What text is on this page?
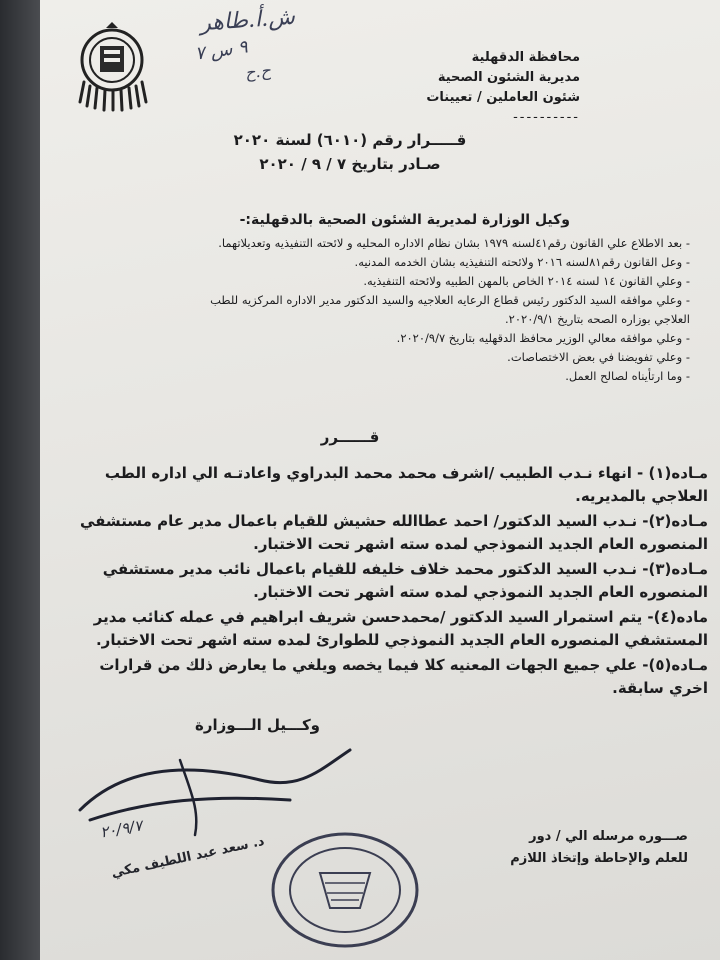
ش.أ.طاهر
٩ س ٧
ح.ح
محافظة الدقهلية
مديرية الشئون الصحية
شئون العاملين / تعيينات
----------
قـــــرار رقم (٦٠١٠) لسنة ٢٠٢٠
صـادر بتاريخ ٧ / ٩ / ٢٠٢٠
وكيل الوزارة لمديرية الشئون الصحية بالدقهلية:-
- بعد الاطلاع علي القانون رقم٤١لسنه ١٩٧٩ بشان نظام الاداره المحليه و لائحته التنفيذيه وتعديلاتهما.
- وعل القانون رقم٨١لسنه ٢٠١٦ ولائحته التنفيذيه بشان الخدمه المدنيه.
- وعلي القانون ١٤ لسنه ٢٠١٤ الخاص بالمهن الطبيه ولائحته التنفيذيه.
- وعلي موافقه السيد الدكتور رئيس قطاع الرعايه العلاجيه والسيد الدكتور مدير الاداره المركزيه للطب
العلاجي بوزاره الصحه بتاريخ ٢٠٢٠/٩/١.
- وعلي موافقه معالي الوزير محافظ الدقهليه بتاريخ ٢٠٢٠/٩/٧.
- وعلي تفويضنا في بعض الاختصاصات.
- وما ارتأيناه لصالح العمل.
قــــــرر
مـاده(١) - انهاء نـدب الطبيب /اشرف محمد محمد البدراوي واعادتـه الي اداره الطب العلاجي بالمديريه.
مـاده(٢)- نـدب السيد الدكتور/ احمد عطاالله حشيش للقيام باعمال مدير عام مستشفي المنصوره العام الجديد النموذجي لمده سته اشهر تحت الاختبار.
مـاده(٣)- نـدب السيد الدكتور محمد خلاف خليفه للقيام باعمال نائب مدير مستشفي المنصوره العام الجديد النموذجي لمده سته اشهر تحت الاختبار.
ماده(٤)- يتم استمرار السيد الدكتور /محمدحسن شريف ابراهيم في عمله كنائب مدير المستشفي المنصوره العام الجديد النموذجي للطوارئ لمده سته اشهر تحت الاختبار.
مـاده(٥)- علي جميع الجهات المعنيه كلا فيما يخصه ويلغي ما يعارض ذلك من قرارات اخري سابقة.
وكـــيل الـــوزارة
٢٠/٩/٧
د. سعد عبد اللطيف مكي	صـــوره مرسله الي / دور
للعلم والإحاطة وإتخاذ اللازم
